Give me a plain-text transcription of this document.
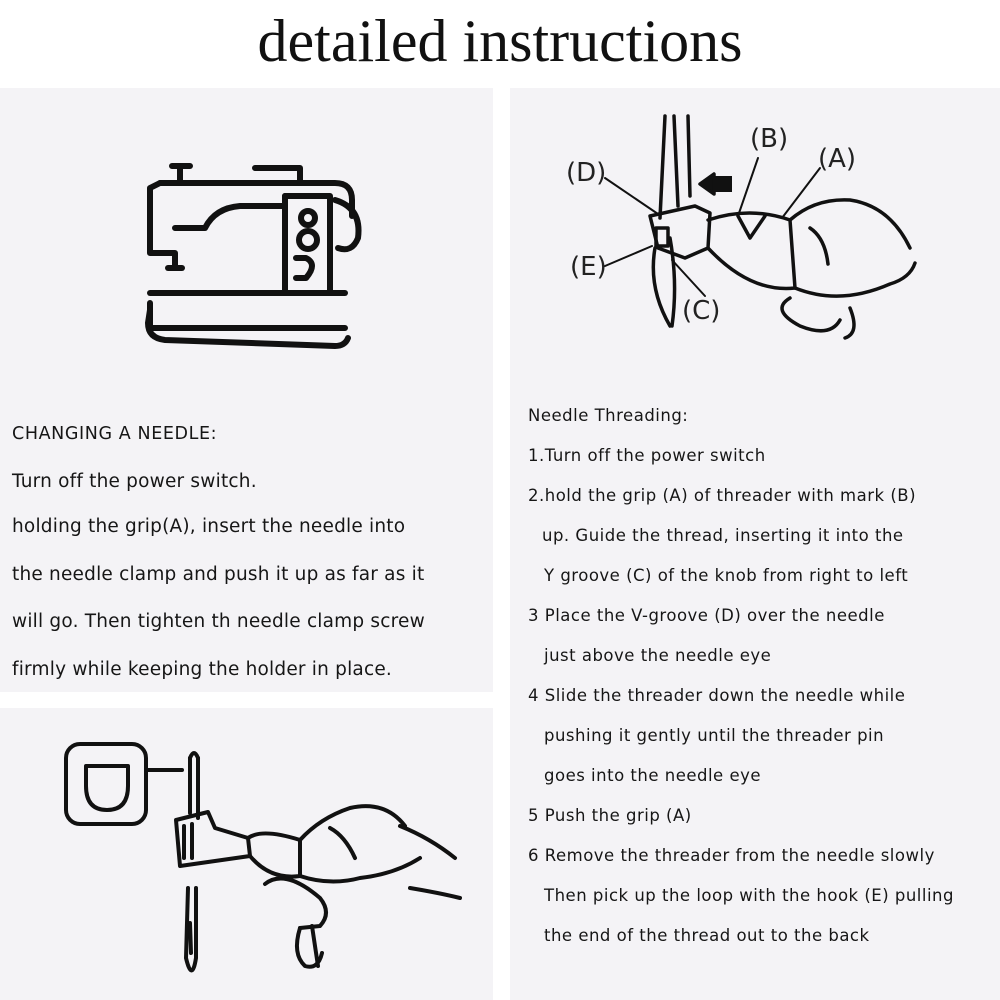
detailed instructions
CHANGING A NEEDLE:
Turn off the power switch.
holding the grip(A), insert the needle into
the needle clamp and push it up as far as it
will go. Then tighten th needle clamp screw
firmly while keeping the holder in place.
(B)
(A)
(D)
(E)
(C)
Needle Threading:
1.Turn off the power switch
2.hold the grip (A) of threader with mark (B)
up. Guide the thread, inserting it into the
Y groove (C) of the knob from right to left
3 Place the V-groove (D) over the needle
just above the needle eye
4 Slide the threader down the needle while
pushing it gently until the threader pin
goes into the needle eye
5 Push the grip (A)
6 Remove the threader from the needle slowly
Then pick up the loop with the hook (E) pulling
the end of the thread out to the back
